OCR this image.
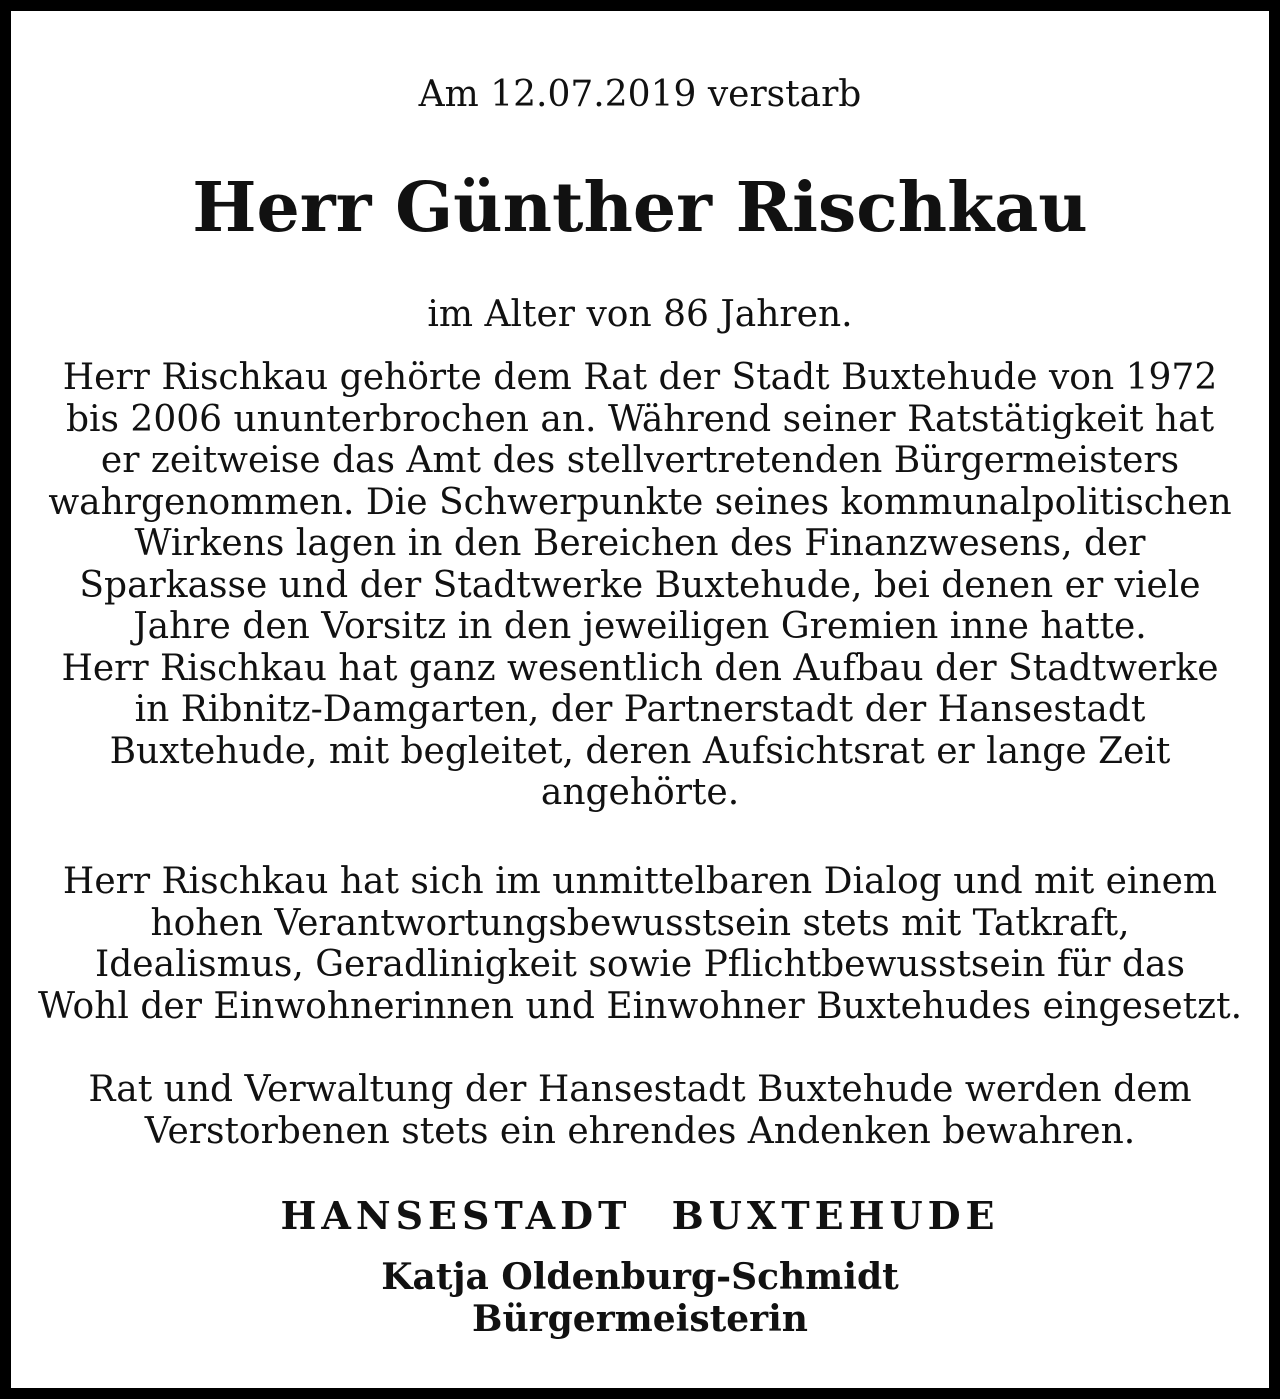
Am 12.07.2019 verstarb

Herr Günther Rischkau

im Alter von 86 Jahren.

Herr Rischkau gehörte dem Rat der Stadt Buxtehude von 1972
bis 2006 ununterbrochen an. Während seiner Ratstätigkeit hat
er zeitweise das Amt des stellvertretenden Bürgermeisters
wahrgenommen. Die Schwerpunkte seines kommunalpolitischen
Wirkens lagen in den Bereichen des Finanzwesens, der
Sparkasse und der Stadtwerke Buxtehude, bei denen er viele
Jahre den Vorsitz in den jeweiligen Gremien inne hatte.
Herr Rischkau hat ganz wesentlich den Aufbau der Stadtwerke
in Ribnitz-Damgarten, der Partnerstadt der Hansestadt
Buxtehude, mit begleitet, deren Aufsichtsrat er lange Zeit
angehörte.
Herr Rischkau hat sich im unmittelbaren Dialog und mit einem
hohen Verantwortungsbewusstsein stets mit Tatkraft,
Idealismus, Geradlinigkeit sowie Pflichtbewusstsein für das
Wohl der Einwohnerinnen und Einwohner Buxtehudes eingesetzt.
Rat und Verwaltung der Hansestadt Buxtehude werden dem
Verstorbenen stets ein ehrendes Andenken bewahren.

HANSESTADT BUXTEHUDE

Katja Oldenburg-Schmidt

Bürgermeisterin
